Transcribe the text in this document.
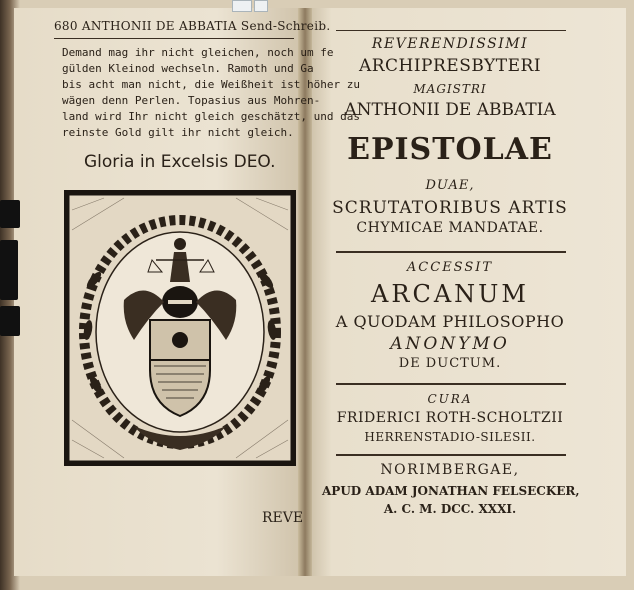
680 ANTHONII DE ABBATIA Send-Schreib.
Demand mag ihr nicht gleichen, noch um fe
gülden Kleinod wechseln. Ramoth und Ga
bis acht man nicht, die Weißheit ist höher zu
wägen denn Perlen. Topasius aus Mohren-
land wird Ihr nicht gleich geschätzt, und das
reinste Gold gilt ihr nicht gleich.
Gloria in Excelsis DEO.
REVE
REVERENDISSIMI
ARCHIPRESBYTERI
MAGISTRI
ANTHONII DE ABBATIA
EPISTOLAE
DUAE,
SCRUTATORIBUS ARTIS
CHYMICAE MANDATAE.
ACCESSIT
ARCANUM
A QUODAM PHILOSOPHO
ANONYMO
DE DUCTUM.
CURA
FRIDERICI ROTH-SCHOLTZII
HERRENSTADIO-SILESII.
NORIMBERGAE,
APUD ADAM JONATHAN FELSECKER,
A. C. M. DCC. XXXI.
